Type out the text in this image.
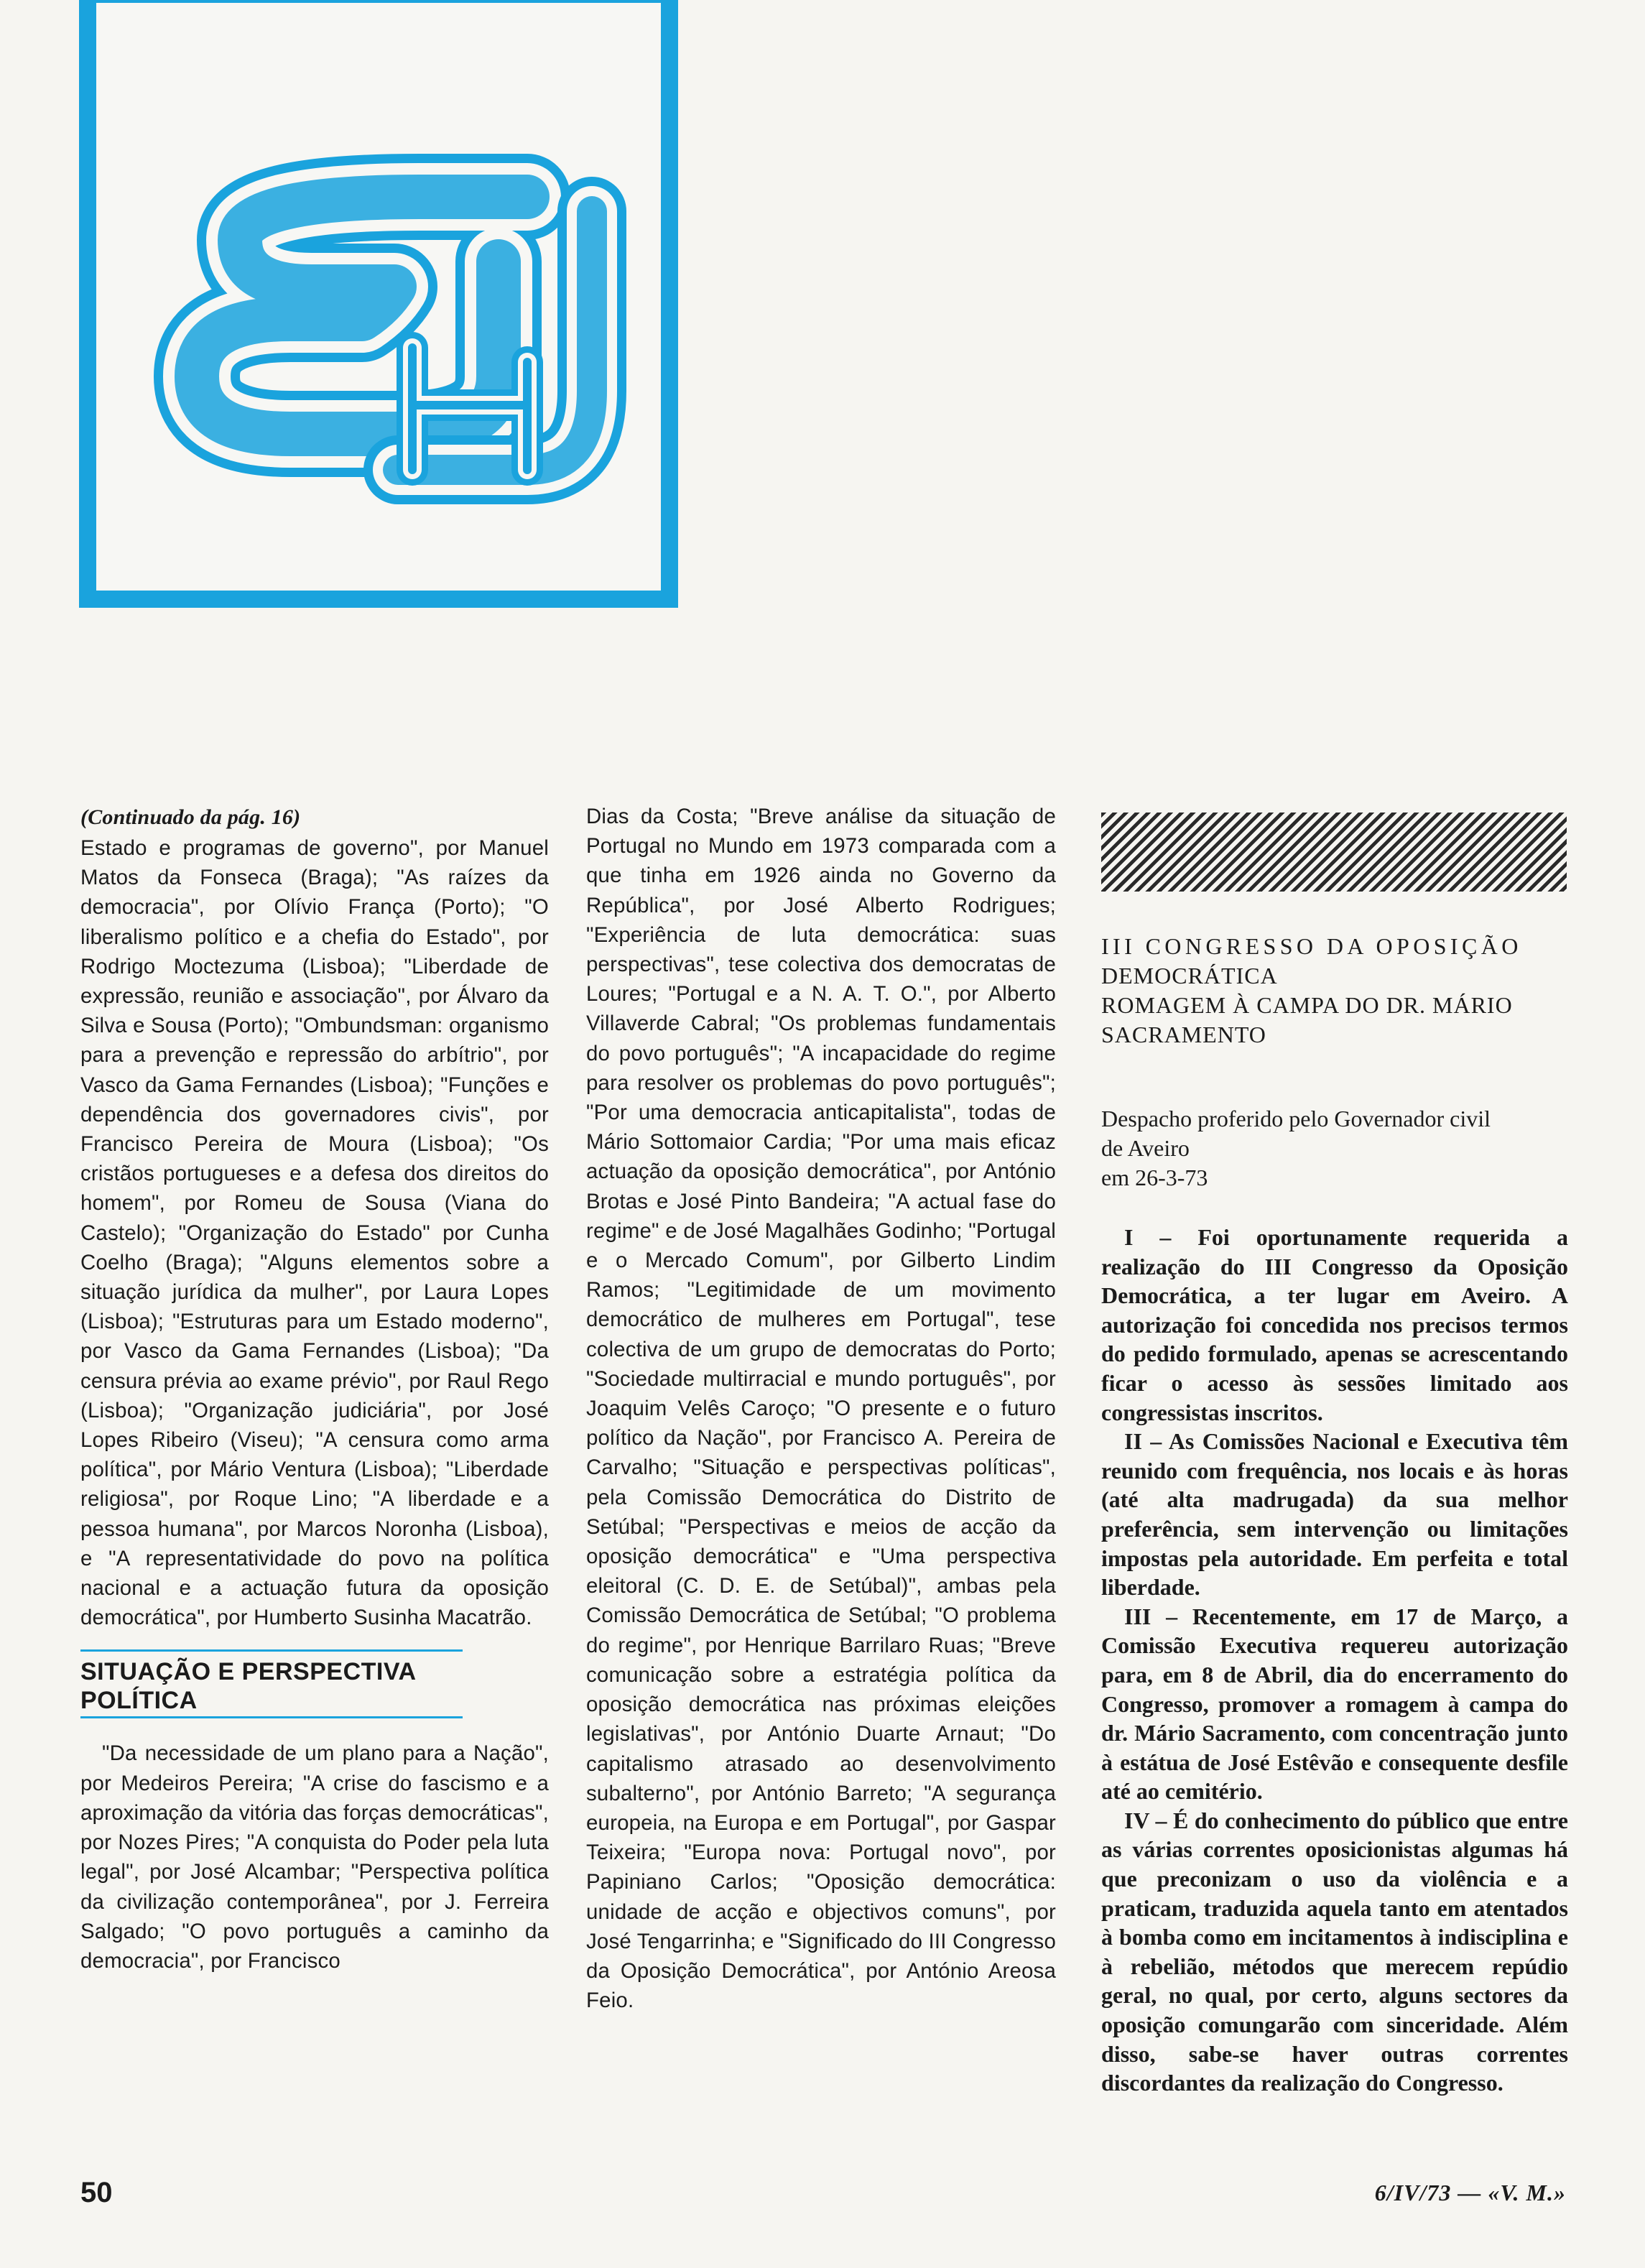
(Continuado da pág. 16)

Estado e programas de governo", por Manuel Matos da Fonseca (Braga); "As raízes da democracia", por Olívio França (Porto); "O liberalismo político e a chefia do Estado", por Rodrigo Moctezuma (Lisboa); "Liberdade de expressão, reunião e associação", por Álvaro da Silva e Sousa (Porto); "Ombundsman: organismo para a prevenção e repressão do arbítrio", por Vasco da Gama Fernandes (Lisboa); "Funções e dependência dos governadores civis", por Francisco Pereira de Moura (Lisboa); "Os cristãos portugueses e a defesa dos direitos do homem", por Romeu de Sousa (Viana do Castelo); "Organização do Estado" por Cunha Coelho (Braga); "Alguns elementos sobre a situação jurídica da mulher", por Laura Lopes (Lisboa); "Estruturas para um Estado moderno", por Vasco da Gama Fernandes (Lisboa); "Da censura prévia ao exame prévio", por Raul Rego (Lisboa); "Organização judiciária", por José Lopes Ribeiro (Viseu); "A censura como arma política", por Mário Ventura (Lisboa); "Liberdade religiosa", por Roque Lino; "A liberdade e a pessoa humana", por Marcos Noronha (Lisboa), e "A representatividade do povo na política nacional e a actuação futura da oposição democrática", por Humberto Susinha Macatrão.

SITUAÇÃO E PERSPECTIVA
POLÍTICA

"Da necessidade de um plano para a Nação", por Medeiros Pereira; "A crise do fascismo e a aproximação da vitória das forças democráticas", por Nozes Pires; "A conquista do Poder pela luta legal", por José Alcambar; "Perspectiva política da civilização contemporânea", por J. Ferreira Salgado; "O povo português a caminho da democracia", por Francisco

Dias da Costa; "Breve análise da situação de Portugal no Mundo em 1973 comparada com a que tinha em 1926 ainda no Governo da República", por José Alberto Rodrigues; "Experiência de luta democrática: suas perspectivas", tese colectiva dos democratas de Loures; "Portugal e a N. A. T. O.", por Alberto Villaverde Cabral; "Os problemas fundamentais do povo português"; "A incapacidade do regime para resolver os problemas do povo português"; "Por uma democracia anticapitalista", todas de Mário Sottomaior Cardia; "Por uma mais eficaz actuação da oposição democrática", por António Brotas e José Pinto Bandeira; "A actual fase do regime" e de José Magalhães Godinho; "Portugal e o Mercado Comum", por Gilberto Lindim Ramos; "Legitimidade de um movimento democrático de mulheres em Portugal", tese colectiva de um grupo de democratas do Porto; "Sociedade multirracial e mundo português", por Joaquim Velês Caroço; "O presente e o futuro político da Nação", por Francisco A. Pereira de Carvalho; "Situação e perspectivas políticas", pela Comissão Democrática do Distrito de Setúbal; "Perspectivas e meios de acção da oposição democrática" e "Uma perspectiva eleitoral (C. D. E. de Setúbal)", ambas pela Comissão Democrática de Setúbal; "O problema do regime", por Henrique Barrilaro Ruas; "Breve comunicação sobre a estratégia política da oposição democrática nas próximas eleições legislativas", por António Duarte Arnaut; "Do capitalismo atrasado ao desenvolvimento subalterno", por António Barreto; "A segurança europeia, na Europa e em Portugal", por Gaspar Teixeira; "Europa nova: Portugal novo", por Papiniano Carlos; "Oposição democrática: unidade de acção e objectivos comuns", por José Tengarrinha; e "Significado do III Congresso da Oposição Democrática", por António Areosa Feio.

III CONGRESSO DA OPOSIÇÃO
DEMOCRÁTICA
ROMAGEM À CAMPA DO DR. MÁRIO
SACRAMENTO
Despacho proferido pelo Governador civil
de Aveiro
em 26-3-73

I – Foi oportunamente requerida a realização do III Congresso da Oposição Democrática, a ter lugar em Aveiro. A autorização foi concedida nos precisos termos do pedido formulado, apenas se acrescentando ficar o acesso às sessões limitado aos congressistas inscritos.

II – As Comissões Nacional e Executiva têm reunido com frequência, nos locais e às horas (até alta madrugada) da sua melhor preferência, sem intervenção ou limitações impostas pela autoridade. Em perfeita e total liberdade.

III – Recentemente, em 17 de Março, a Comissão Executiva requereu autorização para, em 8 de Abril, dia do encerramento do Congresso, promover a romagem à campa do dr. Mário Sacramento, com concentração junto à estátua de José Estêvão e consequente desfile até ao cemitério.

IV – É do conhecimento do público que entre as várias correntes oposicionistas algumas há que preconizam o uso da violência e a praticam, traduzida aquela tanto em atentados à bomba como em incitamentos à indisciplina e à rebelião, métodos que merecem repúdio geral, no qual, por certo, alguns sectores da oposição comungarão com sinceridade. Além disso, sabe-se haver outras correntes discordantes da realização do Congresso.

50	6/IV/73 — «V. M.»
